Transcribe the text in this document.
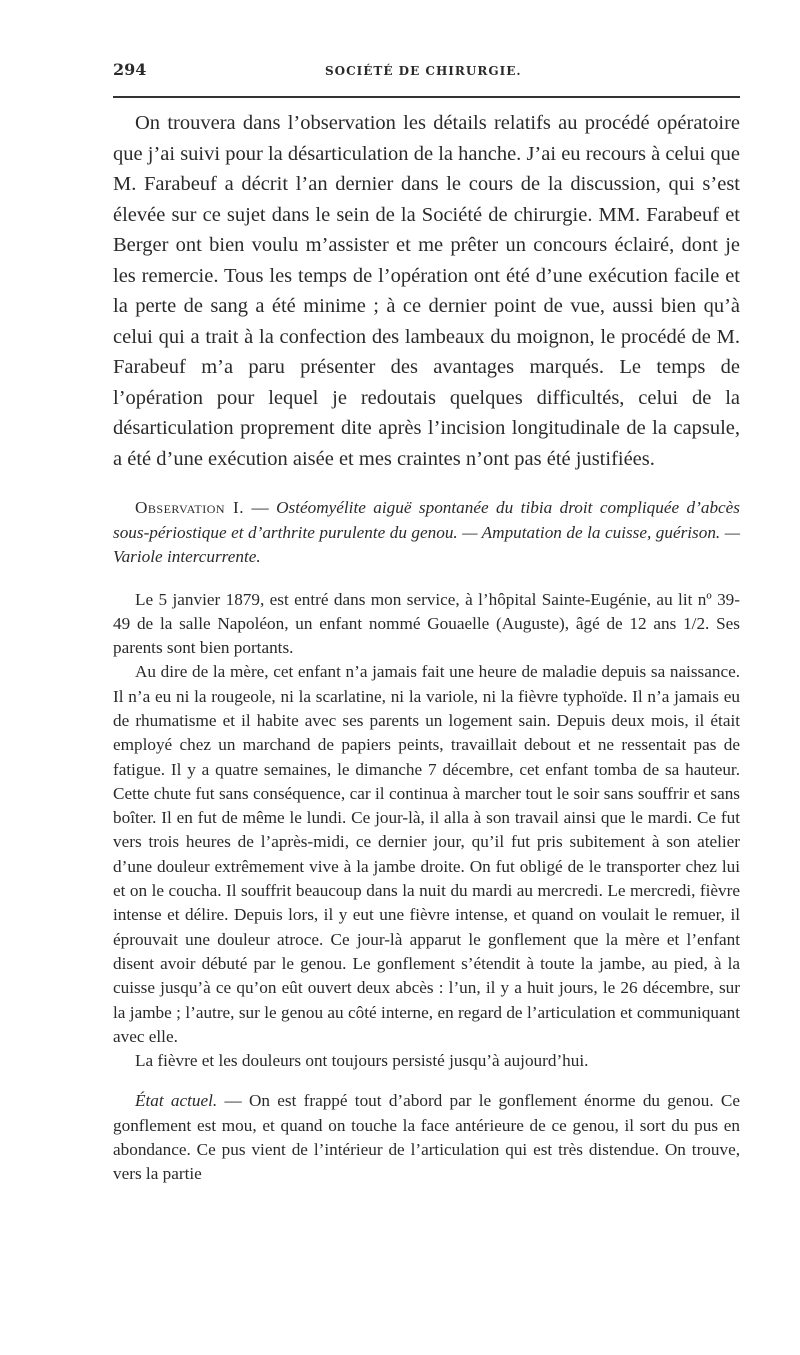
294	SOCIÉTÉ DE CHIRURGIE.

On trouvera dans l’observation les détails relatifs au procédé opératoire que j’ai suivi pour la désarticulation de la hanche. J’ai eu recours à celui que M. Farabeuf a décrit l’an dernier dans le cours de la discussion, qui s’est élevée sur ce sujet dans le sein de la Société de chirurgie. MM. Farabeuf et Berger ont bien voulu m’assister et me prêter un concours éclairé, dont je les remercie. Tous les temps de l’opération ont été d’une exécution facile et la perte de sang a été minime ; à ce dernier point de vue, aussi bien qu’à celui qui a trait à la confection des lambeaux du moignon, le procédé de M. Farabeuf m’a paru présenter des avantages marqués. Le temps de l’opération pour lequel je redoutais quelques difficultés, celui de la désarticulation proprement dite après l’incision longitudinale de la capsule, a été d’une exécution aisée et mes craintes n’ont pas été justifiées.

Observation I. — Ostéomyélite aiguë spontanée du tibia droit compliquée d’abcès sous-périostique et d’arthrite purulente du genou. — Amputation de la cuisse, guérison. — Variole intercurrente.

Le 5 janvier 1879, est entré dans mon service, à l’hôpital Sainte-Eugénie, au lit nº 39-49 de la salle Napoléon, un enfant nommé Gouaelle (Auguste), âgé de 12 ans 1/2. Ses parents sont bien portants.

Au dire de la mère, cet enfant n’a jamais fait une heure de maladie depuis sa naissance. Il n’a eu ni la rougeole, ni la scarlatine, ni la variole, ni la fièvre typhoïde. Il n’a jamais eu de rhumatisme et il habite avec ses parents un logement sain. Depuis deux mois, il était employé chez un marchand de papiers peints, travaillait debout et ne ressentait pas de fatigue. Il y a quatre semaines, le dimanche 7 décembre, cet enfant tomba de sa hauteur. Cette chute fut sans conséquence, car il continua à marcher tout le soir sans souffrir et sans boîter. Il en fut de même le lundi. Ce jour-là, il alla à son travail ainsi que le mardi. Ce fut vers trois heures de l’après-midi, ce dernier jour, qu’il fut pris subitement à son atelier d’une douleur extrêmement vive à la jambe droite. On fut obligé de le transporter chez lui et on le coucha. Il souffrit beaucoup dans la nuit du mardi au mercredi. Le mercredi, fièvre intense et délire. Depuis lors, il y eut une fièvre intense, et quand on voulait le remuer, il éprouvait une douleur atroce. Ce jour-là apparut le gonflement que la mère et l’enfant disent avoir débuté par le genou. Le gonflement s’étendit à toute la jambe, au pied, à la cuisse jusqu’à ce qu’on eût ouvert deux abcès : l’un, il y a huit jours, le 26 décembre, sur la jambe ; l’autre, sur le genou au côté interne, en regard de l’articulation et communiquant avec elle.

La fièvre et les douleurs ont toujours persisté jusqu’à aujourd’hui.

État actuel. — On est frappé tout d’abord par le gonflement énorme du genou. Ce gonflement est mou, et quand on touche la face antérieure de ce genou, il sort du pus en abondance. Ce pus vient de l’intérieur de l’articulation qui est très distendue. On trouve, vers la partie
